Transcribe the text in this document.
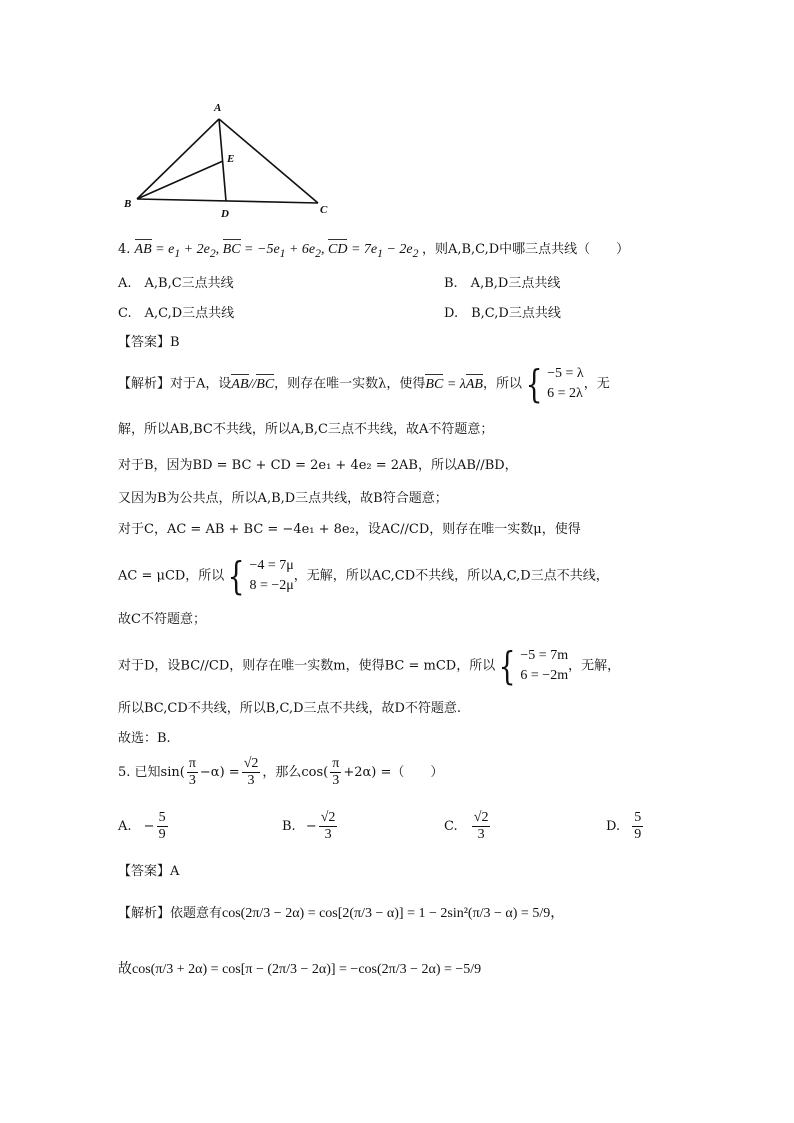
A
E
B
D	C
4. AB = $e_1 + 2e_2$, BC = $-5e_1 + 6e_2$, CD = $7e_1 - 2e_2$ ，则A,B,C,D中哪三点共线（　　）
A.　A,B,C三点共线	B.　A,B,D三点共线
C.　A,C,D三点共线	D.　B,C,D三点共线
【答案】B
【解析】对于A，设AB//BC，则存在唯一实数λ，使得BC = λAB，所以{ −5 = λ
6 = 2λ，无
解，所以AB,BC不共线，所以A,B,C三点不共线，故A不符题意；
对于B，因为BD = BC + CD = 2e₁ + 4e₂ = 2AB，所以AB//BD，
又因为B为公共点，所以A,B,D三点共线，故B符合题意；
对于C，AC = AB + BC = −4e₁ + 8e₂，设AC//CD，则存在唯一实数μ，使得
AC = μCD，所以{ −4 = 7μ
8 = −2μ，无解，所以AC,CD不共线，所以A,C,D三点不共线，
故C不符题意；
对于D，设BC//CD，则存在唯一实数m，使得BC = mCD，所以{ −5 = 7m
6 = −2m，无解，
所以BC,CD不共线，所以B,C,D三点不共线，故D不符题意.
故选：B.
5. 已知$\sin( \frac{\pi}{3} -\alpha) = \frac{√2}{3}$ ，那么$\cos( \frac{\pi}{3} +2\alpha)$ =（　　）
A. − $\frac{5}{9}$	B. − $\frac{√2}{3}$	C. $\frac{√2}{3}$	D. $\frac{5}{9}$
【答案】A
【解析】依题意有cos(2π/3 − 2α) = cos[2(π/3 − α)] = 1 − 2sin²(π/3 − α) = 5/9，
故cos(π/3 + 2α) = cos[π − (2π/3 − 2α)] = −cos(2π/3 − 2α) = −5/9
